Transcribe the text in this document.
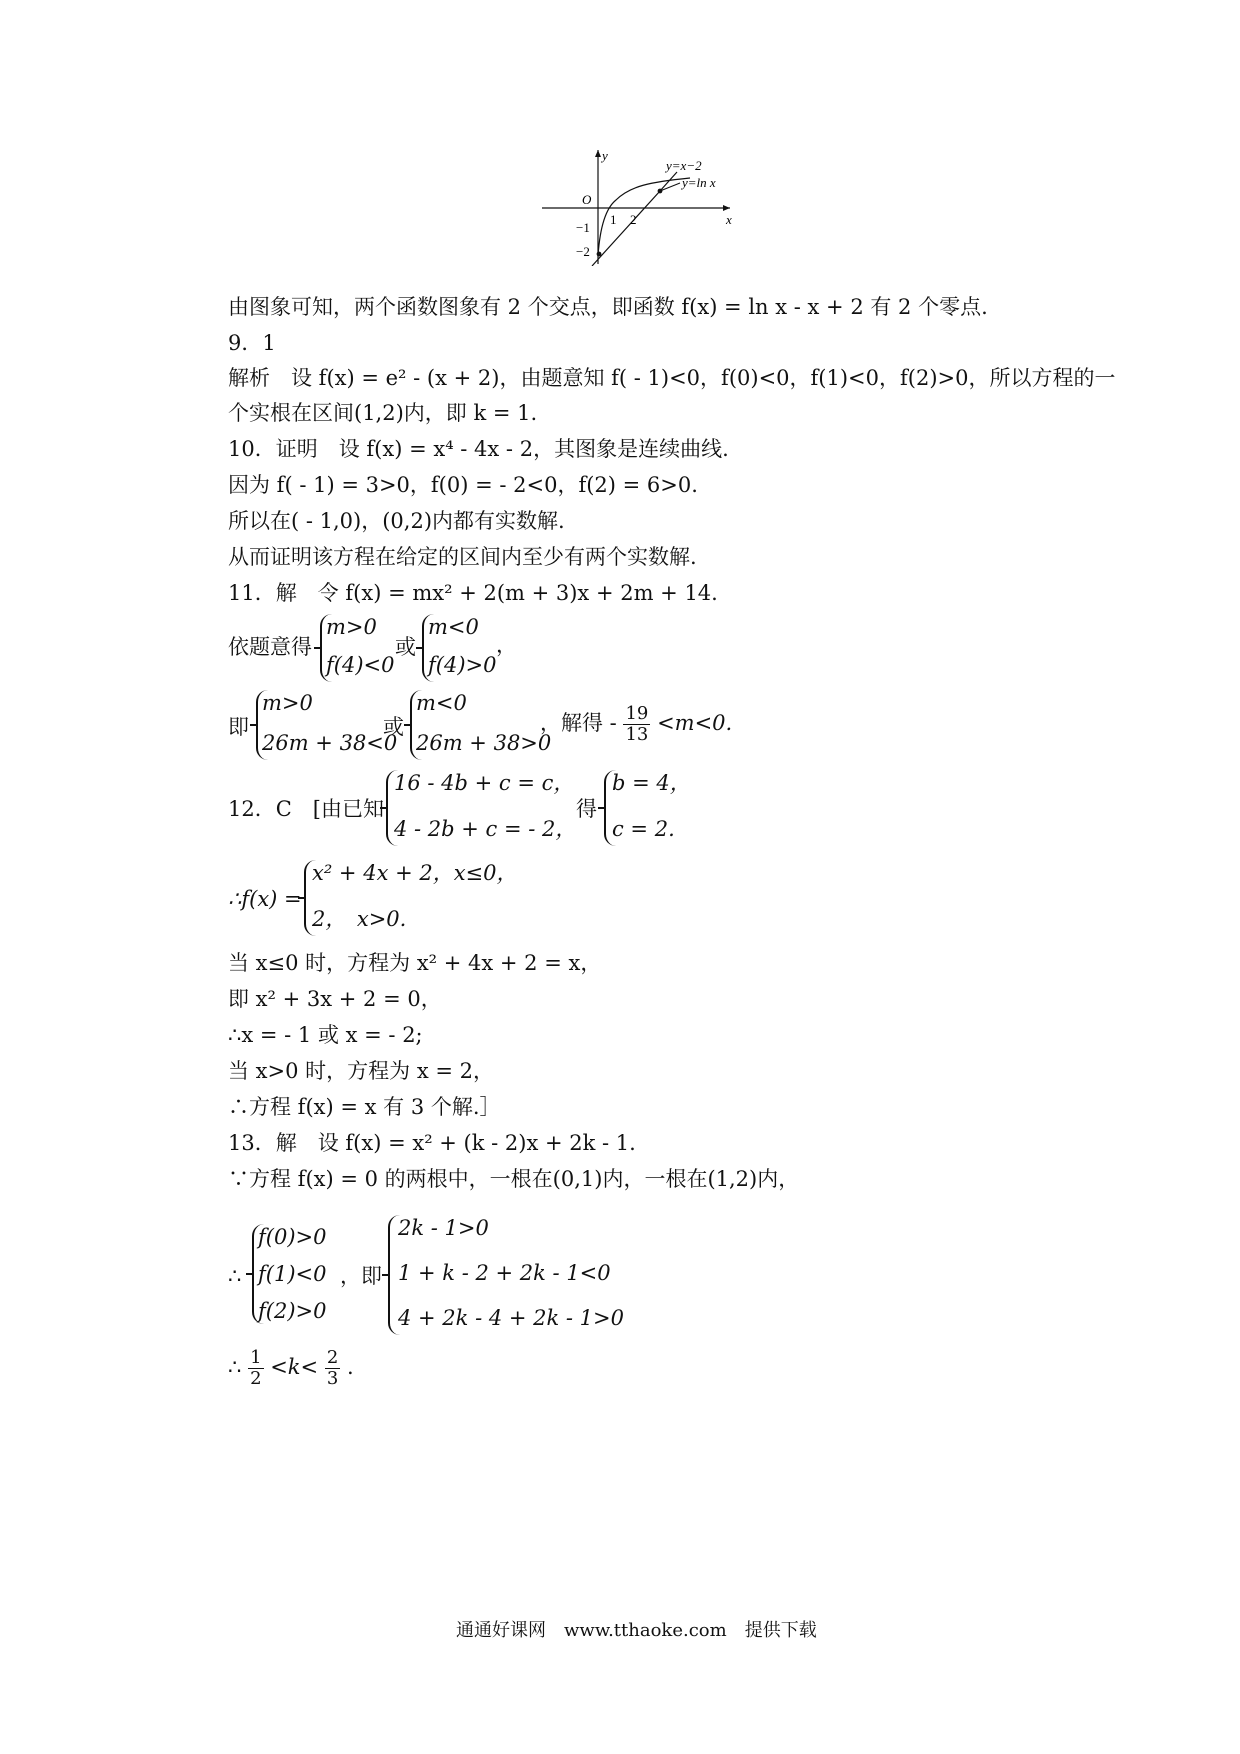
y
x
O
1 2
−1
−2
y=x−2
y=ln x
由图象可知，两个函数图象有 2 个交点，即函数 f(x) = ln x - x + 2 有 2 个零点.
9．1
解析　设 f(x) = e² - (x + 2)，由题意知 f( - 1)<0，f(0)<0，f(1)<0，f(2)>0，所以方程的一
个实根在区间(1,2)内，即 k = 1.
10．证明　设 f(x) = x⁴ - 4x - 2，其图象是连续曲线.
因为 f( - 1) = 3>0，f(0) = - 2<0，f(2) = 6>0.
所以在( - 1,0)，(0,2)内都有实数解.
从而证明该方程在给定的区间内至少有两个实数解.
11．解　令 f(x) = mx² + 2(m + 3)x + 2m + 14.
依题意得
m>0
f(4)<0
或
m<0
f(4)>0
，
即
m>0
26m + 38<0
或
m<0
26m + 38>0
，解得 - $\frac{19}{13} <m<0$.
12．C　[由已知
16 - 4b + c = c，
4 - 2b + c = - 2，
得
b = 4，
c = 2.
∴f(x) =
x² + 4x + 2，x≤0，
2，　x>0.
当 x≤0 时，方程为 x² + 4x + 2 = x，
即 x² + 3x + 2 = 0，
∴x = - 1 或 x = - 2;
当 x>0 时，方程为 x = 2，
∴方程 f(x) = x 有 3 个解.］
13．解　设 f(x) = x² + (k - 2)x + 2k - 1.
∵方程 f(x) = 0 的两根中，一根在(0,1)内，一根在(1,2)内，
∴
f(0)>0
f(1)<0
f(2)>0
，即
2k - 1>0
1 + k - 2 + 2k - 1<0
4 + 2k - 4 + 2k - 1>0
∴ $\frac{1}{2} <k< \frac{2}{3}$ .
通通好课网　www.tthaoke.com　提供下载
